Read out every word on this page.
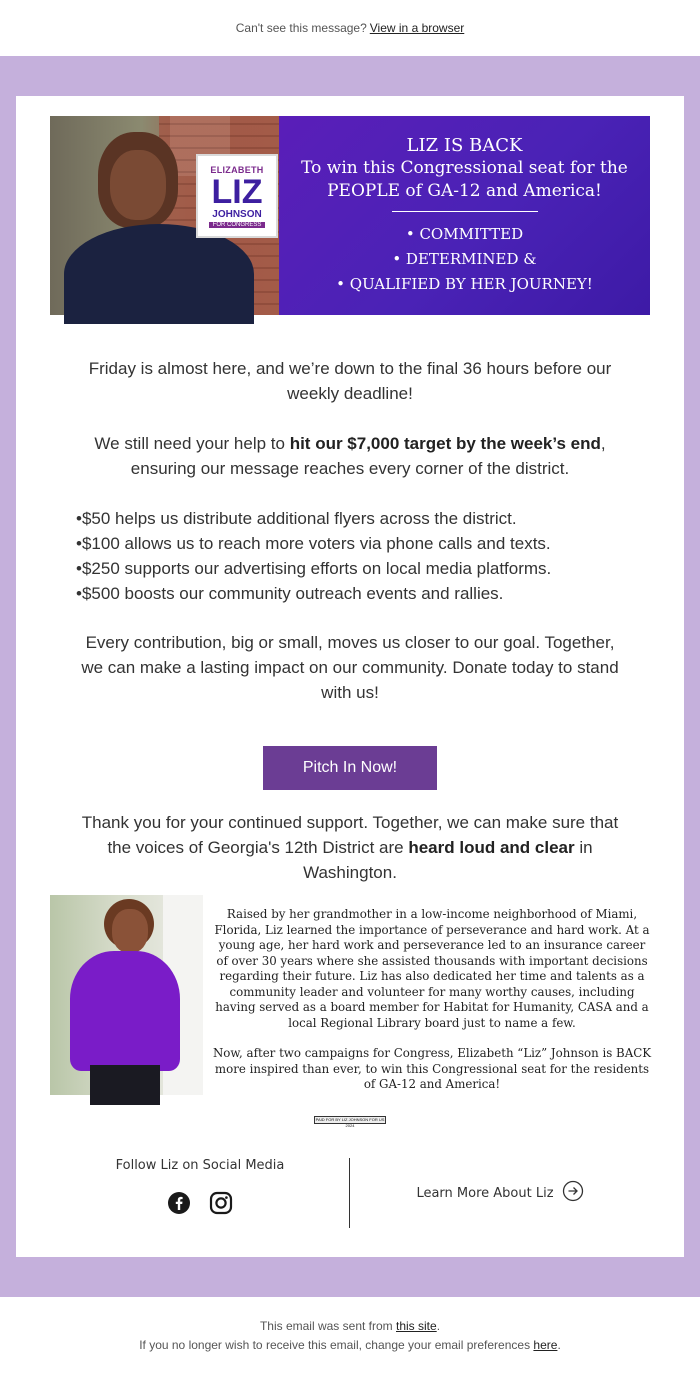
Can't see this message? View in a browser
ELIZABETH
LIZ
JOHNSON
FOR CONGRESS
LIZ IS BACK
To win this Congressional seat for the
PEOPLE of GA-12 and America!
• COMMITTED
• DETERMINED &
• QUALIFIED BY HER JOURNEY!

Friday is almost here, and we’re down to the final 36 hours before our weekly deadline!

We still need your help to hit our $7,000 target by the week’s end, ensuring our message reaches every corner of the district.

•$50 helps us distribute additional flyers across the district.
•$100 allows us to reach more voters via phone calls and texts.
•$250 supports our advertising efforts on local media platforms.
•$500 boosts our community outreach events and rallies.

Every contribution, big or small, moves us closer to our goal. Together, we can make a lasting impact on our community. Donate today to stand with us!

Pitch In Now!

Thank you for your continued support. Together, we can make sure that the voices of Georgia's 12th District are heard loud and clear in Washington.

Raised by her grandmother in a low-income neighborhood of Miami, Florida, Liz learned the importance of perseverance and hard work. At a young age, her hard work and perseverance led to an insurance career of over 30 years where she assisted thousands with important decisions regarding their future. Liz has also dedicated her time and talents as a community leader and volunteer for many worthy causes, including having served as a board member for Habitat for Humanity, CASA and a local Regional Library board just to name a few.

Now, after two campaigns for Congress, Elizabeth “Liz” Johnson is BACK more inspired than ever, to win this Congressional seat for the residents of GA-12 and America!

PAID FOR BY LIZ JOHNSON FOR US 2024
Follow Liz on Social Media
Learn More About Liz
This email was sent from this site.
If you no longer wish to receive this email, change your email preferences here.
